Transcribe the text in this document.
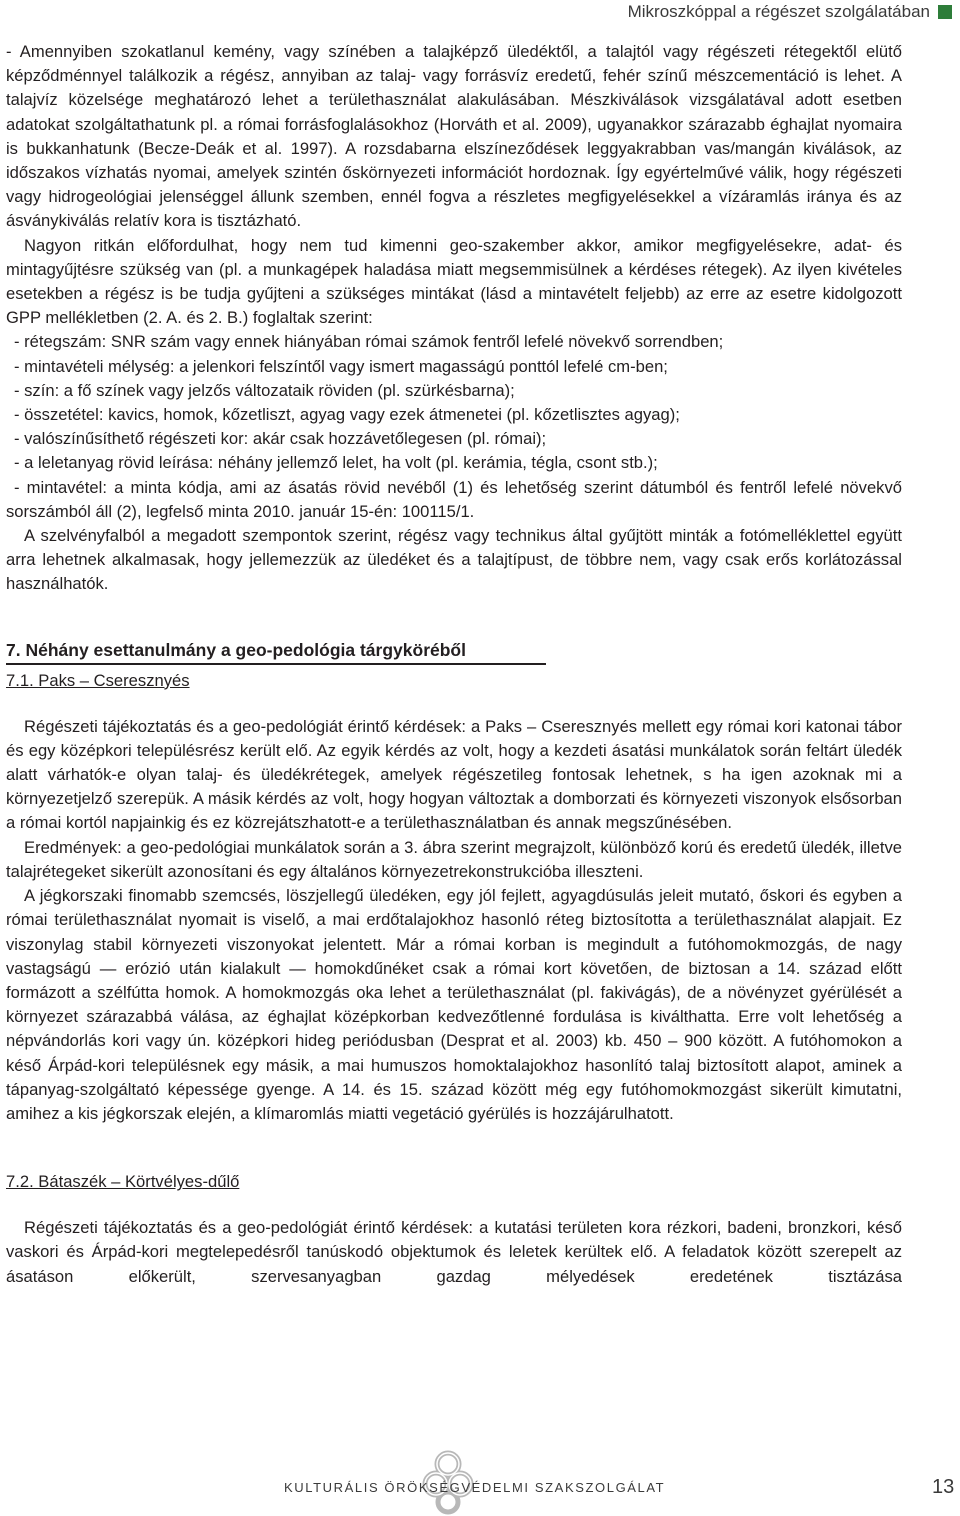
Mikroszkóppal a régészet szolgálatában

- Amennyiben szokatlanul kemény, vagy színében a talajképző üledéktől, a talajtól vagy régészeti rétegektől elütő képződménnyel találkozik a régész, annyiban az talaj- vagy forrásvíz eredetű, fehér színű mészcementáció is lehet. A talajvíz közelsége meghatározó lehet a területhasználat alakulásában. Mészkiválások vizsgálatával adott esetben adatokat szolgáltathatunk pl. a római forrásfoglalásokhoz (Horváth et al. 2009), ugyanakkor szárazabb éghajlat nyomaira is bukkanhatunk (Becze-Deák et al. 1997). A rozsdabarna elszíneződések leggyakrabban vas/mangán kiválások, az időszakos vízhatás nyomai, amelyek szintén őskörnyezeti információt hordoznak. Így egyértelművé válik, hogy régészeti vagy hidrogeológiai jelenséggel állunk szemben, ennél fogva a részletes megfigyelésekkel a vízáramlás iránya és az ásványkiválás relatív kora is tisztázható.

Nagyon ritkán előfordulhat, hogy nem tud kimenni geo-szakember akkor, amikor megfigyelésekre, adat- és mintagyűjtésre szükség van (pl. a munkagépek haladása miatt megsemmisülnek a kérdéses rétegek). Az ilyen kivételes esetekben a régész is be tudja gyűjteni a szükséges mintákat (lásd a mintavételt feljebb) az erre az esetre kidolgozott GPP mellékletben (2. A. és 2. B.) foglaltak szerint:

- rétegszám: SNR szám vagy ennek hiányában római számok fentről lefelé növekvő sorrendben;

- mintavételi mélység: a jelenkori felszíntől vagy ismert magasságú ponttól lefelé cm-ben;

- szín: a fő színek vagy jelzős változataik röviden (pl. szürkésbarna);

- összetétel: kavics, homok, kőzetliszt, agyag vagy ezek átmenetei (pl. kőzetlisztes agyag);

- valószínűsíthető régészeti kor: akár csak hozzávetőlegesen (pl. római);

- a leletanyag rövid leírása: néhány jellemző lelet, ha volt (pl. kerámia, tégla, csont stb.);

- mintavétel: a minta kódja, ami az ásatás rövid nevéből (1) és lehetőség szerint dátumból és fentről lefelé növekvő sorszámból áll (2), legfelső minta 2010. január 15-én: 100115/1.

A szelvényfalból a megadott szempontok szerint, régész vagy technikus által gyűjtött minták a fotómelléklettel együtt arra lehetnek alkalmasak, hogy jellemezzük az üledéket és a talajtípust, de többre nem, vagy csak erős korlátozással használhatók.

7. Néhány esettanulmány a geo-pedológia tárgyköréből
7.1. Paks – Cseresznyés

Régészeti tájékoztatás és a geo-pedológiát érintő kérdések: a Paks – Cseresznyés mellett egy római kori katonai tábor és egy középkori településrész került elő. Az egyik kérdés az volt, hogy a kezdeti ásatási munkálatok során feltárt üledék alatt várhatók-e olyan talaj- és üledékrétegek, amelyek régészetileg fontosak lehetnek, s ha igen azoknak mi a környezetjelző szerepük. A másik kérdés az volt, hogy hogyan változtak a domborzati és környezeti viszonyok elsősorban a római kortól napjainkig és ez közrejátszhatott-e a területhasználatban és annak megszűnésében.

Eredmények: a geo-pedológiai munkálatok során a 3. ábra szerint megrajzolt, különböző korú és eredetű üledék, illetve talajrétegeket sikerült azonosítani és egy általános környezetrekonstrukcióba illeszteni.

A jégkorszaki finomabb szemcsés, löszjellegű üledéken, egy jól fejlett, agyagdúsulás jeleit mutató, őskori és egyben a római területhasználat nyomait is viselő, a mai erdőtalajokhoz hasonló réteg biztosította a területhasználat alapjait. Ez viszonylag stabil környezeti viszonyokat jelentett. Már a római korban is megindult a futóhomokmozgás, de nagy vastagságú — erózió után kialakult — homokdűnéket csak a római kort követően, de biztosan a 14. század előtt formázott a szélfútta homok. A homokmozgás oka lehet a területhasználat (pl. fakivágás), de a növényzet gyérülését a környezet szárazabbá válása, az éghajlat középkorban kedvezőtlenné fordulása is kiválthatta. Erre volt lehetőség a népvándorlás kori vagy ún. középkori hideg periódusban (Desprat et al. 2003) kb. 450 – 900 között. A futóhomokon a késő Árpád-kori településnek egy másik, a mai humuszos homoktalajokhoz hasonlító talaj biztosított alapot, aminek a tápanyag-szolgáltató képessége gyenge. A 14. és 15. század között még egy futóhomokmozgást sikerült kimutatni, amihez a kis jégkorszak elején, a klímaromlás miatti vegetáció gyérülés is hozzájárulhatott.

7.2. Bátaszék – Körtvélyes-dűlő

Régészeti tájékoztatás és a geo-pedológiát érintő kérdések: a kutatási területen kora rézkori, badeni, bronzkori, késő vaskori és Árpád-kori megtelepedésről tanúskodó objektumok és leletek kerültek elő. A feladatok között szerepelt az ásatáson előkerült, szervesanyagban gazdag mélyedések eredetének tisztázása

KULTURÁLIS ÖRÖKSÉGVÉDELMI SZAKSZOLGÁLAT	13
